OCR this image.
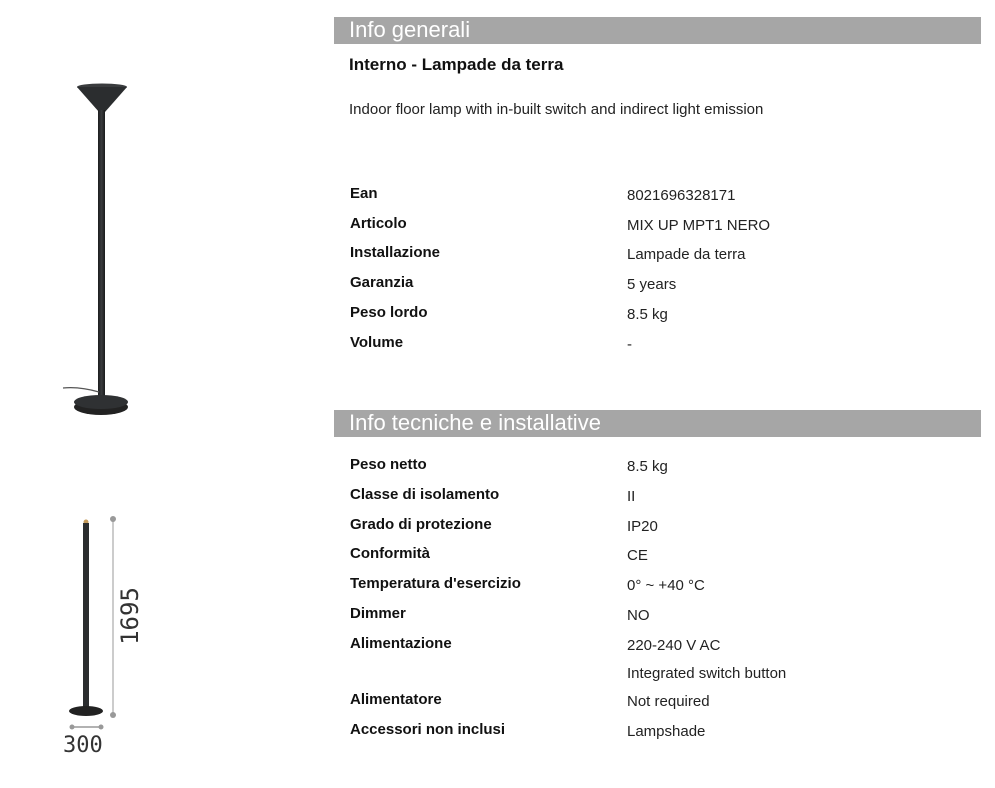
1695
300
Info generali
Interno - Lampade da terra
Indoor floor lamp with in-built switch and indirect light emission
Ean	8021696328171
Articolo	MIX UP MPT1 NERO
Installazione	Lampade da terra
Garanzia	5 years
Peso lordo	8.5 kg
Volume	-
Info tecniche e installative
Peso netto	8.5 kg
Classe di isolamento	II
Grado di protezione	IP20
Conformità	CE
Temperatura d'esercizio	0° ~ +40 °C
Dimmer	NO
Alimentazione	220-240 V AC
Integrated switch button
Alimentatore	Not required
Accessori non inclusi	Lampshade
